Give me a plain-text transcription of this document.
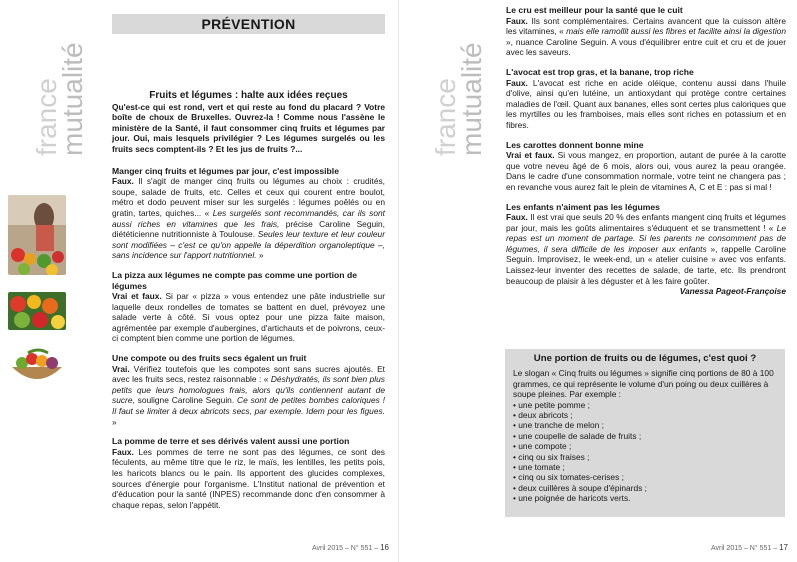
france
mutualité
PRÉVENTION

Fruits et légumes : halte aux idées reçues

Qu'est-ce qui est rond, vert et qui reste au fond du placard ? Votre boîte de choux de Bruxelles. Ouvrez-la ! Comme nous l'assène le ministère de la Santé, il faut consommer cinq fruits et légumes par jour. Oui, mais lesquels privilégier ? Les légumes surgelés ou les fruits secs comptent-ils ? Et les jus de fruits ?...

Manger cinq fruits et légumes par jour, c'est impossible

Faux. Il s'agit de manger cinq fruits ou légumes au choix : crudités, soupe, salade de fruits, etc. Celles et ceux qui courent entre boulot, métro et dodo peuvent miser sur les surgelés : légumes poêlés ou en gratin, tartes, quiches... « Les surgelés sont recommandés, car ils sont aussi riches en vitamines que les frais, précise Caroline Seguin, diététicienne nutritionniste à Toulouse. Seules leur texture et leur couleur sont modifiées – c'est ce qu'on appelle la déperdition organoleptique –, sans incidence sur l'apport nutritionnel. »

La pizza aux légumes ne compte pas comme une portion de légumes

Vrai et faux. Si par « pizza » vous entendez une pâte industrielle sur laquelle deux rondelles de tomates se battent en duel, prévoyez une salade verte à côté. Si vous optez pour une pizza faite maison, agrémentée par exemple d'aubergines, d'artichauts et de poivrons, ceux-ci comptent bien comme une portion de légumes.

Une compote ou des fruits secs égalent un fruit

Vrai. Vérifiez toutefois que les compotes sont sans sucres ajoutés. Et avec les fruits secs, restez raisonnable : « Déshydratés, ils sont bien plus petits que leurs homologues frais, alors qu'ils contiennent autant de sucre, souligne Caroline Seguin. Ce sont de petites bombes caloriques ! Il faut se limiter à deux abricots secs, par exemple. Idem pour les figues. »

La pomme de terre et ses dérivés valent aussi une portion

Faux. Les pommes de terre ne sont pas des légumes, ce sont des féculents, au même titre que le riz, le maïs, les lentilles, les petits pois, les haricots blancs ou le pain. Ils apportent des glucides complexes, sources d'énergie pour l'organisme. L'Institut national de prévention et d'éducation pour la santé (INPES) recommande donc d'en consommer à chaque repas, selon l'appétit.

Avril 2015 – N° 551 – 16
france
mutualité
Le cru est meilleur pour la santé que le cuit

Faux. Ils sont complémentaires. Certains avancent que la cuisson altère les vitamines, « mais elle ramollit aussi les fibres et facilite ainsi la digestion », nuance Caroline Seguin. A vous d'équilibrer entre cuit et cru et de jouer avec les saveurs.

L'avocat est trop gras, et la banane, trop riche

Faux. L'avocat est riche en acide oléique, contenu aussi dans l'huile d'olive, ainsi qu'en lutéine, un antioxydant qui protège contre certaines maladies de l'œil. Quant aux bananes, elles sont certes plus caloriques que les myrtilles ou les framboises, mais elles sont riches en potassium et en fibres.

Les carottes donnent bonne mine

Vrai et faux. Si vous mangez, en proportion, autant de purée à la carotte que votre neveu âgé de 6 mois, alors oui, vous aurez la peau orangée. Dans le cadre d'une consommation normale, votre teint ne changera pas ; en revanche vous aurez fait le plein de vitamines A, C et E : pas si mal !

Les enfants n'aiment pas les légumes

Faux. Il est vrai que seuls 20 % des enfants mangent cinq fruits et légumes par jour, mais les goûts alimentaires s'éduquent et se transmettent ! « Le repas est un moment de partage. Si les parents ne consomment pas de légumes, il sera difficile de les imposer aux enfants », rappelle Caroline Seguin. Improvisez, le week-end, un « atelier cuisine » avec vos enfants. Laissez-leur inventer des recettes de salade, de tarte, etc. Ils prendront beaucoup de plaisir à les déguster et à les faire goûter.

Vanessa Pageot-Françoise

Une portion de fruits ou de légumes, c'est quoi ?

Le slogan « Cinq fruits ou légumes » signifie cinq portions de 80 à 100 grammes, ce qui représente le volume d'un poing ou deux cuillères à soupe pleines. Par exemple :

• une petite pomme ;
• deux abricots ;
• une tranche de melon ;
• une coupelle de salade de fruits ;
• une compote ;
• cinq ou six fraises ;
• une tomate ;
• cinq ou six tomates-cerises ;
• deux cuillères à soupe d'épinards ;
• une poignée de haricots verts.
Avril 2015 – N° 551 – 17
